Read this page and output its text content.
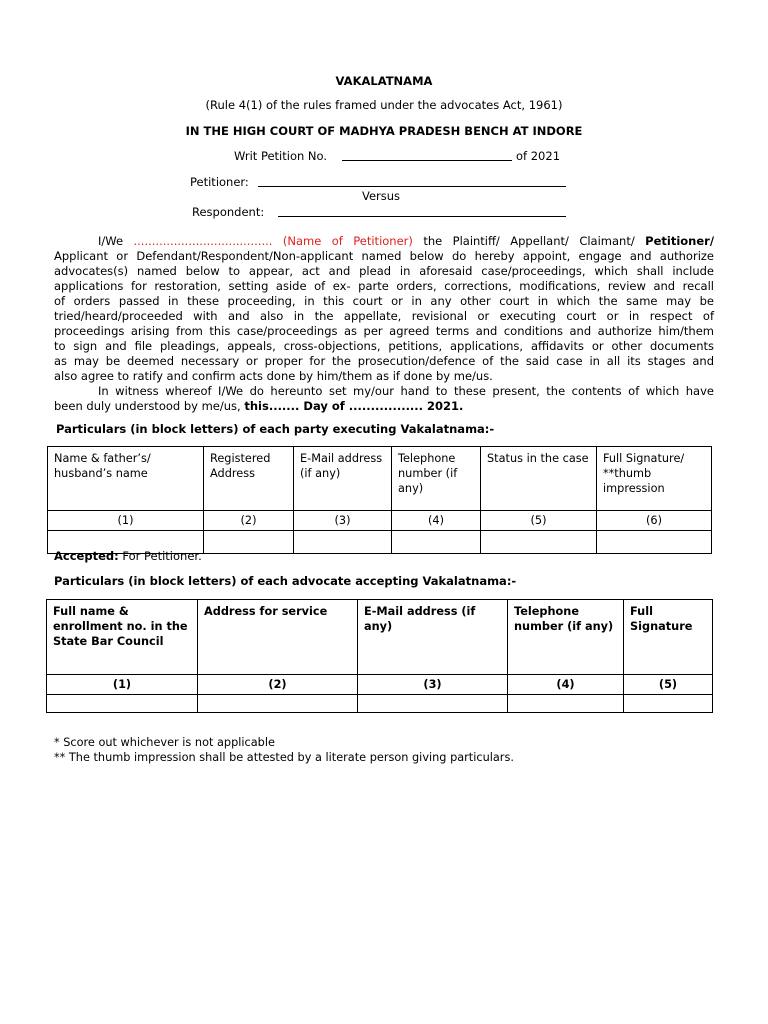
VAKALATNAMA
(Rule 4(1) of the rules framed under the advocates Act, 1961)
IN THE HIGH COURT OF MADHYA PRADESH BENCH AT INDORE
Writ Petition No.	of 2021
Petitioner:
Versus
Respondent:
I/We ...................................... (Name of Petitioner) the Plaintiff/ Appellant/ Claimant/ Petitioner/
Applicant or Defendant/Respondent/Non-applicant named below do hereby appoint, engage and authorize
advocates(s) named below to appear, act and plead in aforesaid case/proceedings, which shall include
applications for restoration, setting aside of ex- parte orders, corrections, modifications, review and recall
of orders passed in these proceeding, in this court or in any other court in which the same may be
tried/heard/proceeded with and also in the appellate, revisional or executing court or in respect of
proceedings arising from this case/proceedings as per agreed terms and conditions and authorize him/them
to sign and file pleadings, appeals, cross-objections, petitions, applications, affidavits or other documents
as may be deemed necessary or proper for the prosecution/defence of the said case in all its stages and
also agree to ratify and confirm acts done by him/them as if done by me/us.
In witness whereof I/We do hereunto set my/our hand to these present, the contents of which have
been duly understood by me/us, this....... Day of ................. 2021.
Particulars (in block letters) of each party executing Vakalatnama:-
Name & father’s/ husband’s name	Registered Address	E-Mail address (if any)	Telephone number (if any)	Status in the case	Full Signature/ **thumb impression
(1)	(2)	(3)	(4)	(5)	(6)

Accepted: For Petitioner.
Particulars (in block letters) of each advocate accepting Vakalatnama:-
Full name & enrollment no. in the State Bar Council	Address for service	E-Mail address (if any)	Telephone number (if any)	Full Signature
(1)	(2)	(3)	(4)	(5)

* Score out whichever is not applicable
** The thumb impression shall be attested by a literate person giving particulars.
